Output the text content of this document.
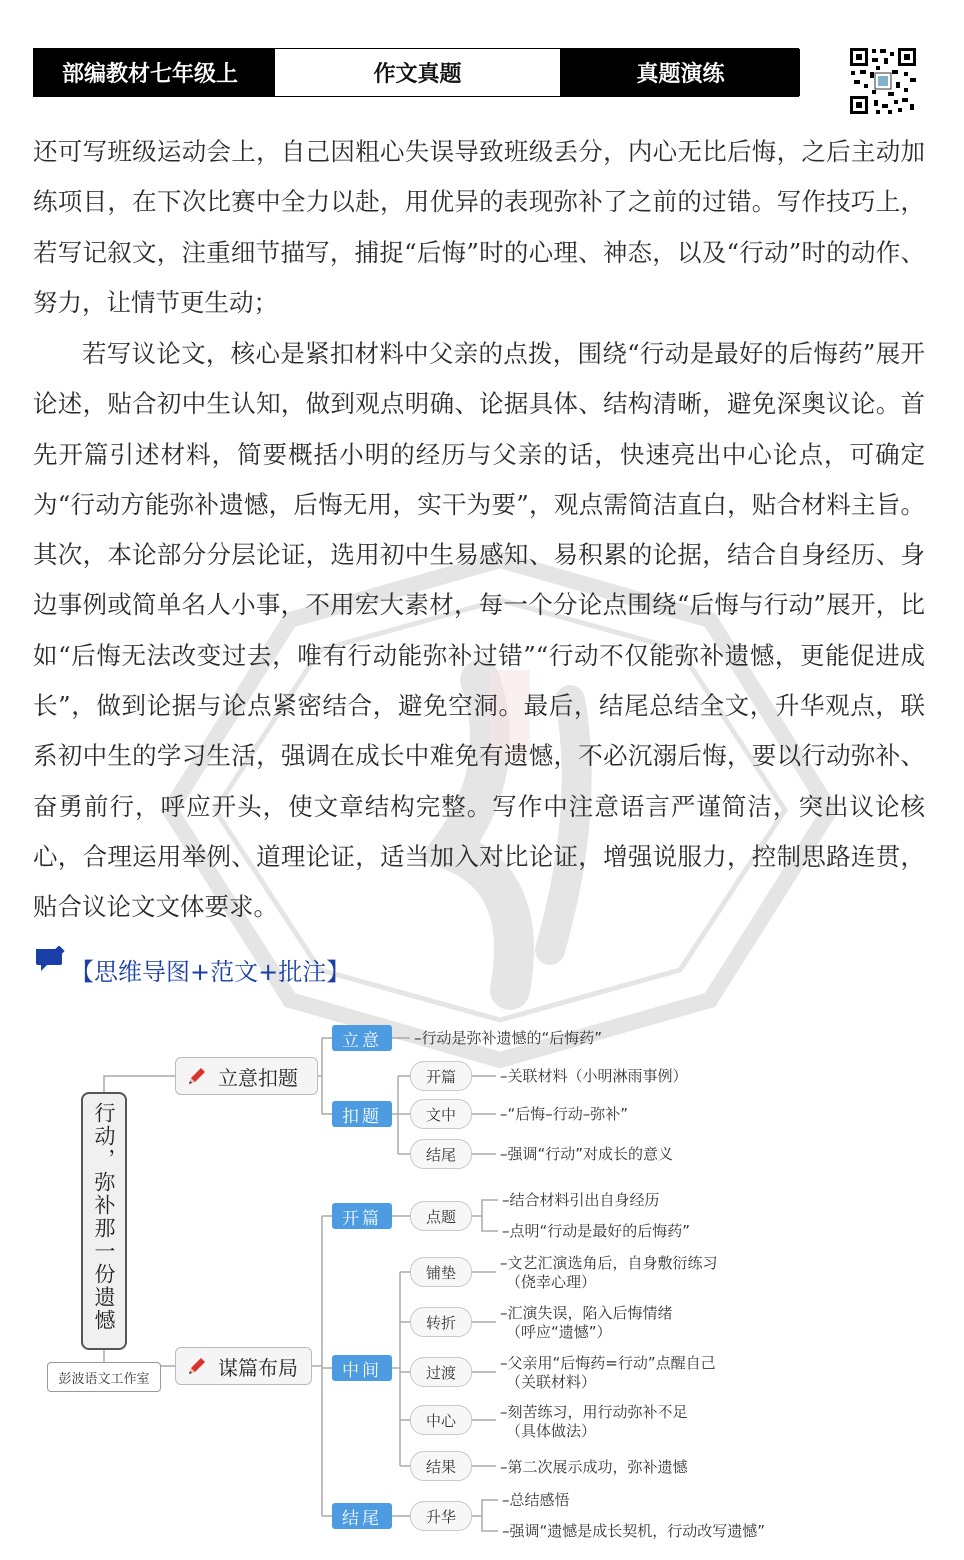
部编教材七年级上	作文真题	真题演练

还可写班级运动会上，自己因粗心失误导致班级丢分，内心无比后悔，之后主动加练项目，在下次比赛中全力以赴，用优异的表现弥补了之前的过错。写作技巧上，若写记叙文，注重细节描写，捕捉“后悔”时的心理、神态，以及“行动”时的动作、努力，让情节更生动；

若写议论文，核心是紧扣材料中父亲的点拨，围绕“行动是最好的后悔药”展开论述，贴合初中生认知，做到观点明确、论据具体、结构清晰，避免深奥议论。首先开篇引述材料，简要概括小明的经历与父亲的话，快速亮出中心论点，可确定为“行动方能弥补遗憾，后悔无用，实干为要”，观点需简洁直白，贴合材料主旨。其次，本论部分分层论证，选用初中生易感知、易积累的论据，结合自身经历、身边事例或简单名人小事，不用宏大素材，每一个分论点围绕“后悔与行动”展开，比如“后悔无法改变过去，唯有行动能弥补过错”“行动不仅能弥补遗憾，更能促进成长”，做到论据与论点紧密结合，避免空洞。最后，结尾总结全文，升华观点，联系初中生的学习生活，强调在成长中难免有遗憾，不必沉溺后悔，要以行动弥补、奋勇前行，呼应开头，使文章结构完整。写作中注意语言严谨简洁，突出议论核心，合理运用举例、道理论证，适当加入对比论证，增强说服力，控制思路连贯，贴合议论文文体要求。

【思维导图+范文+批注】
行动，弥补那一份遗憾
彭波语文工作室
立意扣题
立意	–行动是弥补遗憾的“后悔药”
扣题
开篇	–关联材料（小明淋雨事例）
文中	–“后悔–行动–弥补”
结尾	–强调“行动”对成长的意义
谋篇布局
开篇	点题
–结合材料引出自身经历
–点明“行动是最好的后悔药”
中间
铺垫
–文艺汇演选角后，自身敷衍练习
（侥幸心理）
转折
–汇演失误，陷入后悔情绪
（呼应“遗憾”）
过渡
–父亲用“后悔药=行动”点醒自己
（关联材料）
中心	–刻苦练习，用行动弥补不足
（具体做法）
结果	–第二次展示成功，弥补遗憾
结尾	升华
–总结感悟
–强调“遗憾是成长契机，行动改写遗憾”
